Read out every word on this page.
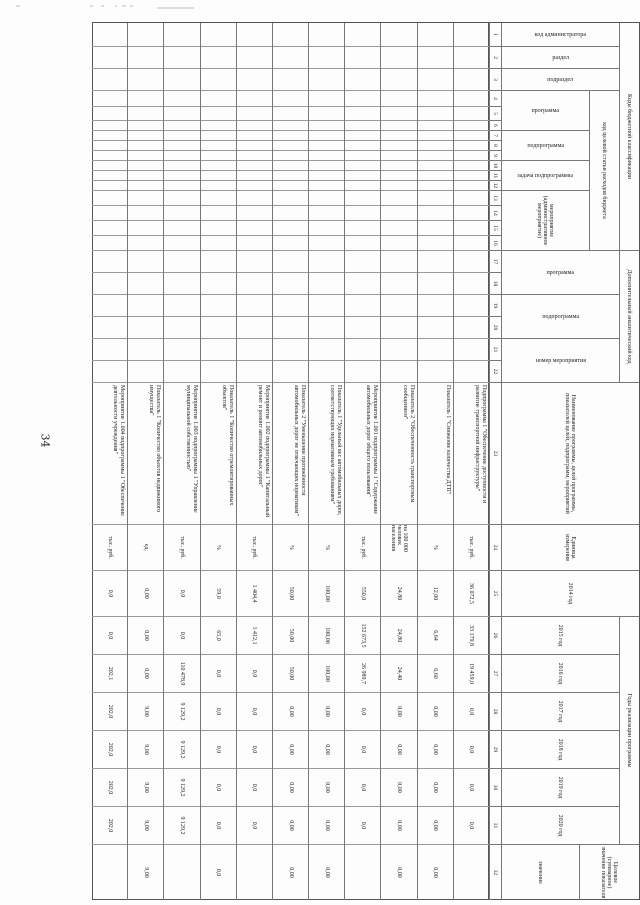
34
Коды бюджетной классификации
Дополнительный аналитический код
Наименование программы, целей программы, показателей целей, подпрограмм, мероприятий
Единица измерения
2014 год
Годы реализации программы
Целевое (суммарное) значение показателя
код администратора
раздел
подраздел
код целевой статьи расходов бюджета
программа
подпрограмма
задача подпрограммы
мероприятие (административное мероприятие)
программа
подпрограмма
номер мероприятия
2015 год
2016 год
2017 год
2018 год
2019 год
2020 год
значение
1
2
3
4
5
6
7
8
9
10
11
12
13
14
15
16
17
18
19
20
21
22
23
24
25
26
27
28
29
30
31
32
Подпрограмма 1 "Обеспечение доступности и развитие транспортной инфраструктуры"
тыс. руб.
36 072,5
33 179,8
19 459,0
0,0
0,0
0,0
0,0
Показатель 1 "Снижение количества ДТП"
%
12,00
6,64
6,60
0,00
0,00
0,00
0,00
0,00
Показатель 2 "Обеспеченность транспортным сообщением"
на 100 000 человек населения
24,80
24,80
24,40
0,00
0,00
0,00
0,00
0,00
Мероприятие 1.001 подпрограммы 1 "Содержание автомобильных дорог общего пользования"
тыс. руб.
550,0
152 673,5
26 989,7
0,0
0,0
0,0
0,0
Показатель 1 "Удельный вес автомобильных дорог, соответствующих нормативным требованиям"
%
100,00
100,00
100,00
0,00
0,00
0,00
0,00
0,00
Показатель 2 "Уменьшение протяжённости автомобильных дорог не отвечающих нормативам"
%
50,00
50,00
50,00
0,00
0,00
0,00
0,00
0,00
Мероприятие 1.002 подпрограммы 1 "Капитальный ремонт и ремонт автомобильных дорог"
тыс. руб.
1 404,4
1 412,1
0,0
0,0
0,0
0,0
0,0
Показатель 1 "Количество отремонтированных объектов"
%
59,0
65,0
0,0
0,0
0,0
0,0
0,0
0,0
Мероприятие 1.003 подпрограммы 1 "Управление муниципальной собственностью"
тыс. руб.
0,0
0,0
110 478,9
9 129,2
9 129,2
9 129,2
9 129,2
Показатель 1 "Количество объектов недвижимого имущества"
ед.
0,00
0,00
0,00
9,00
9,00
9,00
9,00
9,00
Мероприятие 1.004 подпрограммы 1 "Обеспечение деятельности учреждения"
тыс. руб.
0,0
0,0
202,1
202,0
202,0
202,0
202,0
